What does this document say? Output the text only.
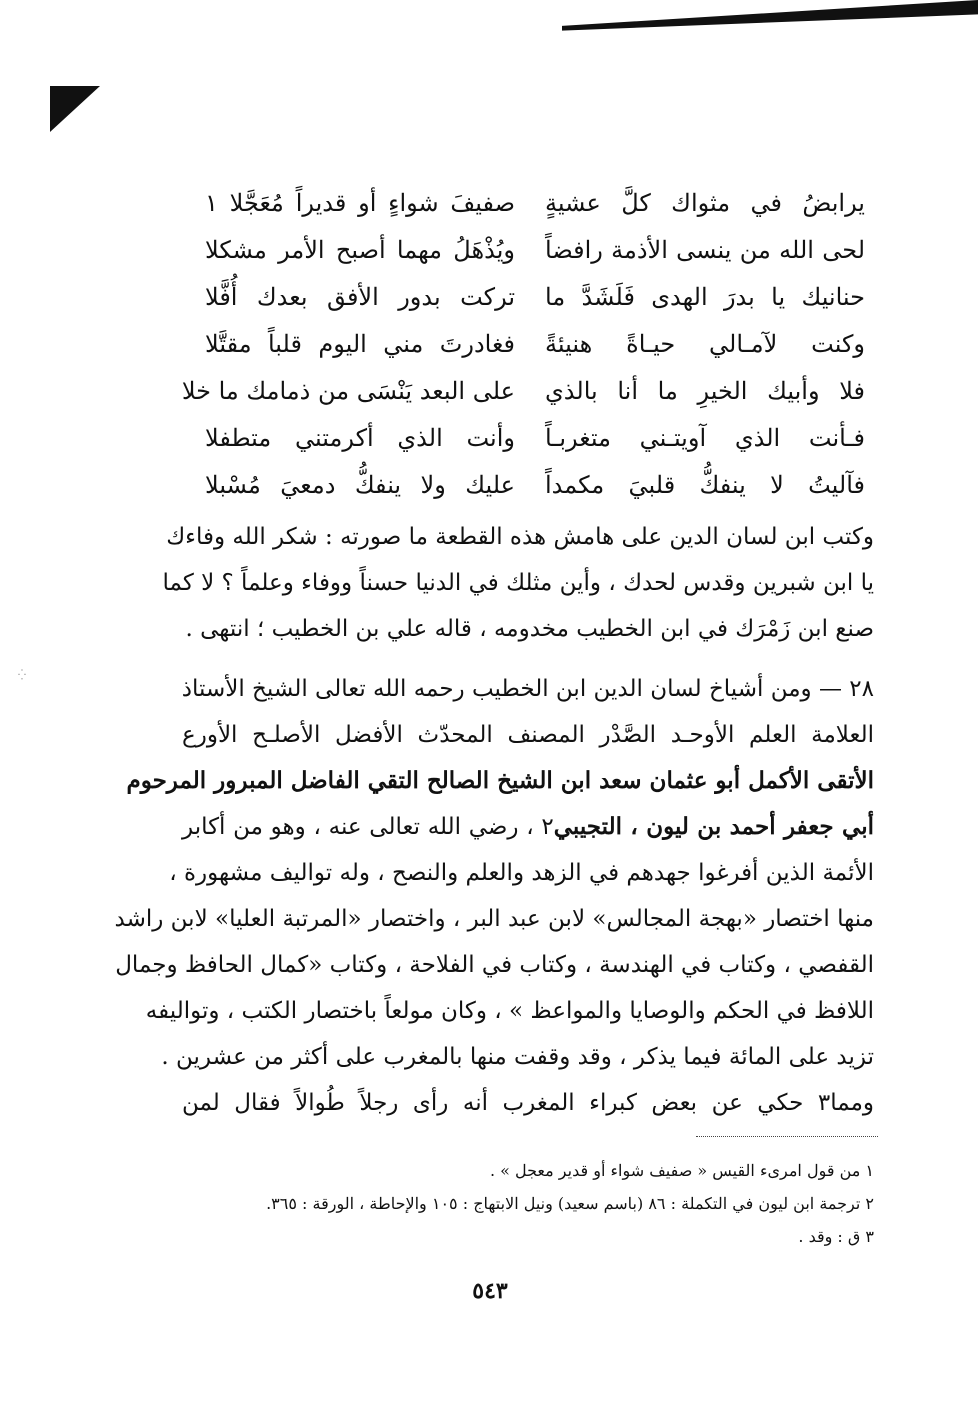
⁛
يرابضُ في مثواك كلَّ عشيةٍ
صفيفَ شواءٍ أو قديراً مُعَجَّلا ١
لحى الله من ينسى الأذمة رافضاً
ويُذْهَلُ مهما أصبح الأمر مشكلا
حنانيك يا بدرَ الهدى فَلَشَدَّ ما
تركت بدور الأفق بعدك أُفَّلا
وكنت لآمـالي حيـاةً هنيئةً
فغادرتَ مني اليوم قلباً مقتَّلا
فلا وأبيك الخيرِ ما أنا بالذي
على البعد يَنْسَى من ذمامك ما خلا
فـأنت الذي آويتـني متغربـاً
وأنت الذي أكرمتني متطفلا
فآليتُ لا ينفكُّ قلبيَ مكمداً
عليك ولا ينفكُّ دمعيَ مُسْبلا
وكتب ابن لسان الدين على هامش هذه القطعة ما صورته : شكر الله وفاءك
يا ابن شبرين وقدس لحدك ، وأين مثلك في الدنيا حسناً ووفاء وعلماً ؟ لا كما
صنع ابن زَمْرَك في ابن الخطيب مخدومه ، قاله علي بن الخطيب ؛ انتهى .
٢٨ — ومن أشياخ لسان الدين ابن الخطيب رحمه الله تعالى الشيخ الأستاذ
العلامة العلم الأوحـد الصَّدْر المصنف المحدّث الأفضل الأصلـح الأورع
الأتقى الأكمل أبو عثمان سعد ابن الشيخ الصالح التقي الفاضل المبرور المرحوم
أبي جعفر أحمد بن ليون ، التجيبي٢ ، رضي الله تعالى عنه ، وهو من أكابر
الأئمة الذين أفرغوا جهدهم في الزهد والعلم والنصح ، وله تواليف مشهورة ،
منها اختصار «بهجة المجالس» لابن عبد البر ، واختصار «المرتبة العليا» لابن راشد
القفصي ، وكتاب في الهندسة ، وكتاب في الفلاحة ، وكتاب «كمال الحافظ وجمال
اللافظ في الحكم والوصايا والمواعظ » ، وكان مولعاً باختصار الكتب ، وتواليفه
تزيد على المائة فيما يذكر ، وقد وقفت منها بالمغرب على أكثر من عشرين .
ومما٣ حكي عن بعض كبراء المغرب أنه رأى رجلاً طُوالاً فقال لمن
١ من قول امرىء القيس « صفيف شواء أو قدير معجل » .
٢ ترجمة ابن ليون في التكملة : ٨٦ (باسم سعيد) ونيل الابتهاج : ١٠٥ والإحاطة ، الورقة : ٣٦٥.
٣ ق : وقد .
٥٤٣
